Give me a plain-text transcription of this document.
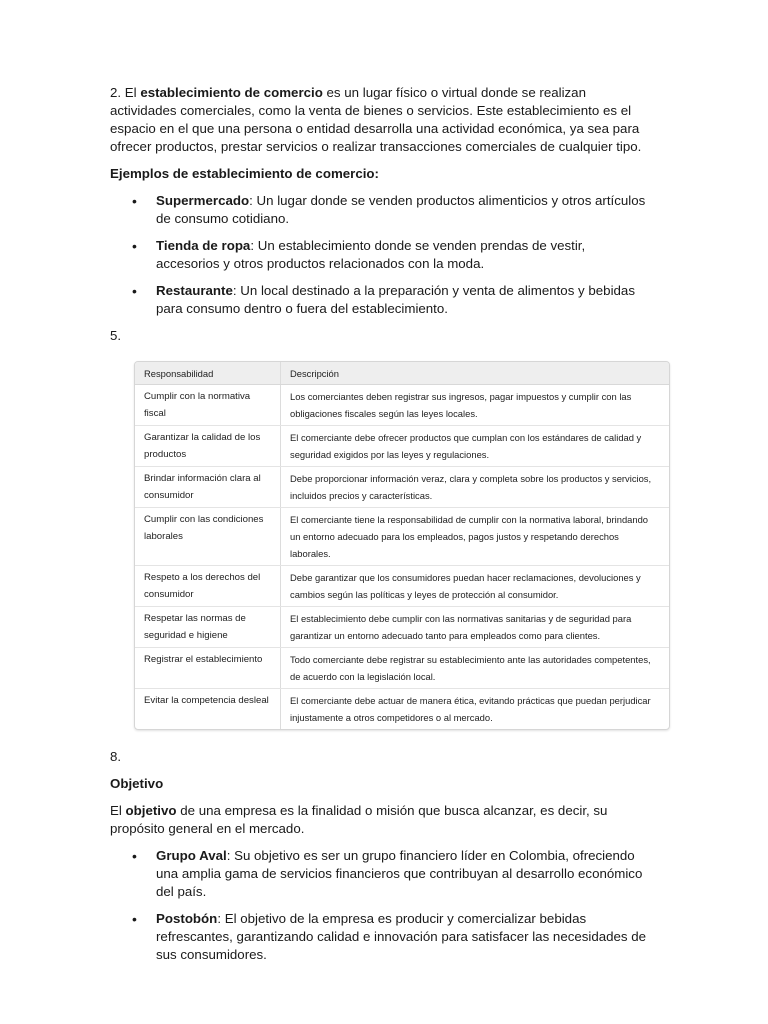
2. El establecimiento de comercio es un lugar físico o virtual donde se realizan actividades comerciales, como la venta de bienes o servicios. Este establecimiento es el espacio en el que una persona o entidad desarrolla una actividad económica, ya sea para ofrecer productos, prestar servicios o realizar transacciones comerciales de cualquier tipo.

Ejemplos de establecimiento de comercio:

• Supermercado: Un lugar donde se venden productos alimenticios y otros artículos de consumo cotidiano.
• Tienda de ropa: Un establecimiento donde se venden prendas de vestir, accesorios y otros productos relacionados con la moda.
• Restaurante: Un local destinado a la preparación y venta de alimentos y bebidas para consumo dentro o fuera del establecimiento.

5.

Responsabilidad	Descripción
Cumplir con la normativa fiscal	Los comerciantes deben registrar sus ingresos, pagar impuestos y cumplir con las obligaciones fiscales según las leyes locales.
Garantizar la calidad de los productos	El comerciante debe ofrecer productos que cumplan con los estándares de calidad y seguridad exigidos por las leyes y regulaciones.
Brindar información clara al consumidor	Debe proporcionar información veraz, clara y completa sobre los productos y servicios, incluidos precios y características.
Cumplir con las condiciones laborales	El comerciante tiene la responsabilidad de cumplir con la normativa laboral, brindando un entorno adecuado para los empleados, pagos justos y respetando derechos laborales.
Respeto a los derechos del consumidor	Debe garantizar que los consumidores puedan hacer reclamaciones, devoluciones y cambios según las políticas y leyes de protección al consumidor.
Respetar las normas de seguridad e higiene	El establecimiento debe cumplir con las normativas sanitarias y de seguridad para garantizar un entorno adecuado tanto para empleados como para clientes.
Registrar el establecimiento	Todo comerciante debe registrar su establecimiento ante las autoridades competentes, de acuerdo con la legislación local.
Evitar la competencia desleal	El comerciante debe actuar de manera ética, evitando prácticas que puedan perjudicar injustamente a otros competidores o al mercado.

8.

Objetivo

El objetivo de una empresa es la finalidad o misión que busca alcanzar, es decir, su propósito general en el mercado.

• Grupo Aval: Su objetivo es ser un grupo financiero líder en Colombia, ofreciendo una amplia gama de servicios financieros que contribuyan al desarrollo económico del país.
• Postobón: El objetivo de la empresa es producir y comercializar bebidas refrescantes, garantizando calidad e innovación para satisfacer las necesidades de sus consumidores.
